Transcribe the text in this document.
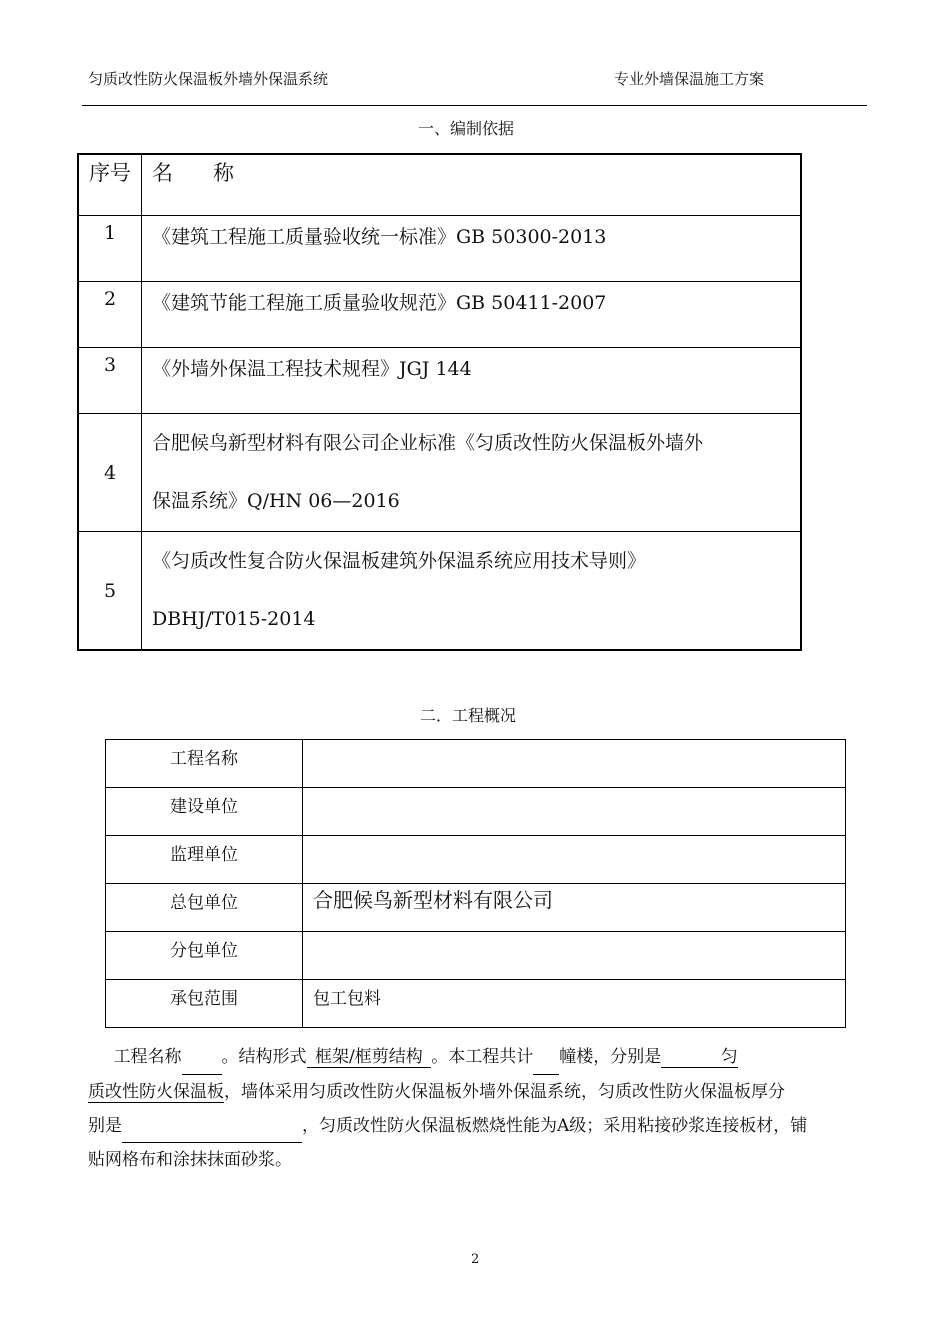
匀质改性防火保温板外墙外保温系统	专业外墙保温施工方案
一、编制依据
序号	名 称
1	《建筑工程施工质量验收统一标准》GB 50300-2013
2	《建筑节能工程施工质量验收规范》GB 50411-2007
3	《外墙外保温工程技术规程》JGJ 144
4	合肥候鸟新型材料有限公司企业标准《匀质改性防火保温板外墙外
保温系统》Q/HN 06—2016

5	《匀质改性复合防火保温板建筑外保温系统应用技术导则》
DBHJ/T015-2014
二．工程概况
工程名称	
建设单位	
监理单位	
总包单位	合肥候鸟新型材料有限公司
分包单位	
承包范围	包工包料

  工程名称 。结构形式  框架/框剪结构  。本工程共计 幢楼，分别是    	匀

质改性防火保温板，墙体采用匀质改性防火保温板外墙外保温系统，匀质改性防火保温板厚分

别是	，匀质改性防火保温板燃烧性能为A级；采用粘接砂浆连接板材，铺

贴网格布和涂抹抹面砂浆。

2
